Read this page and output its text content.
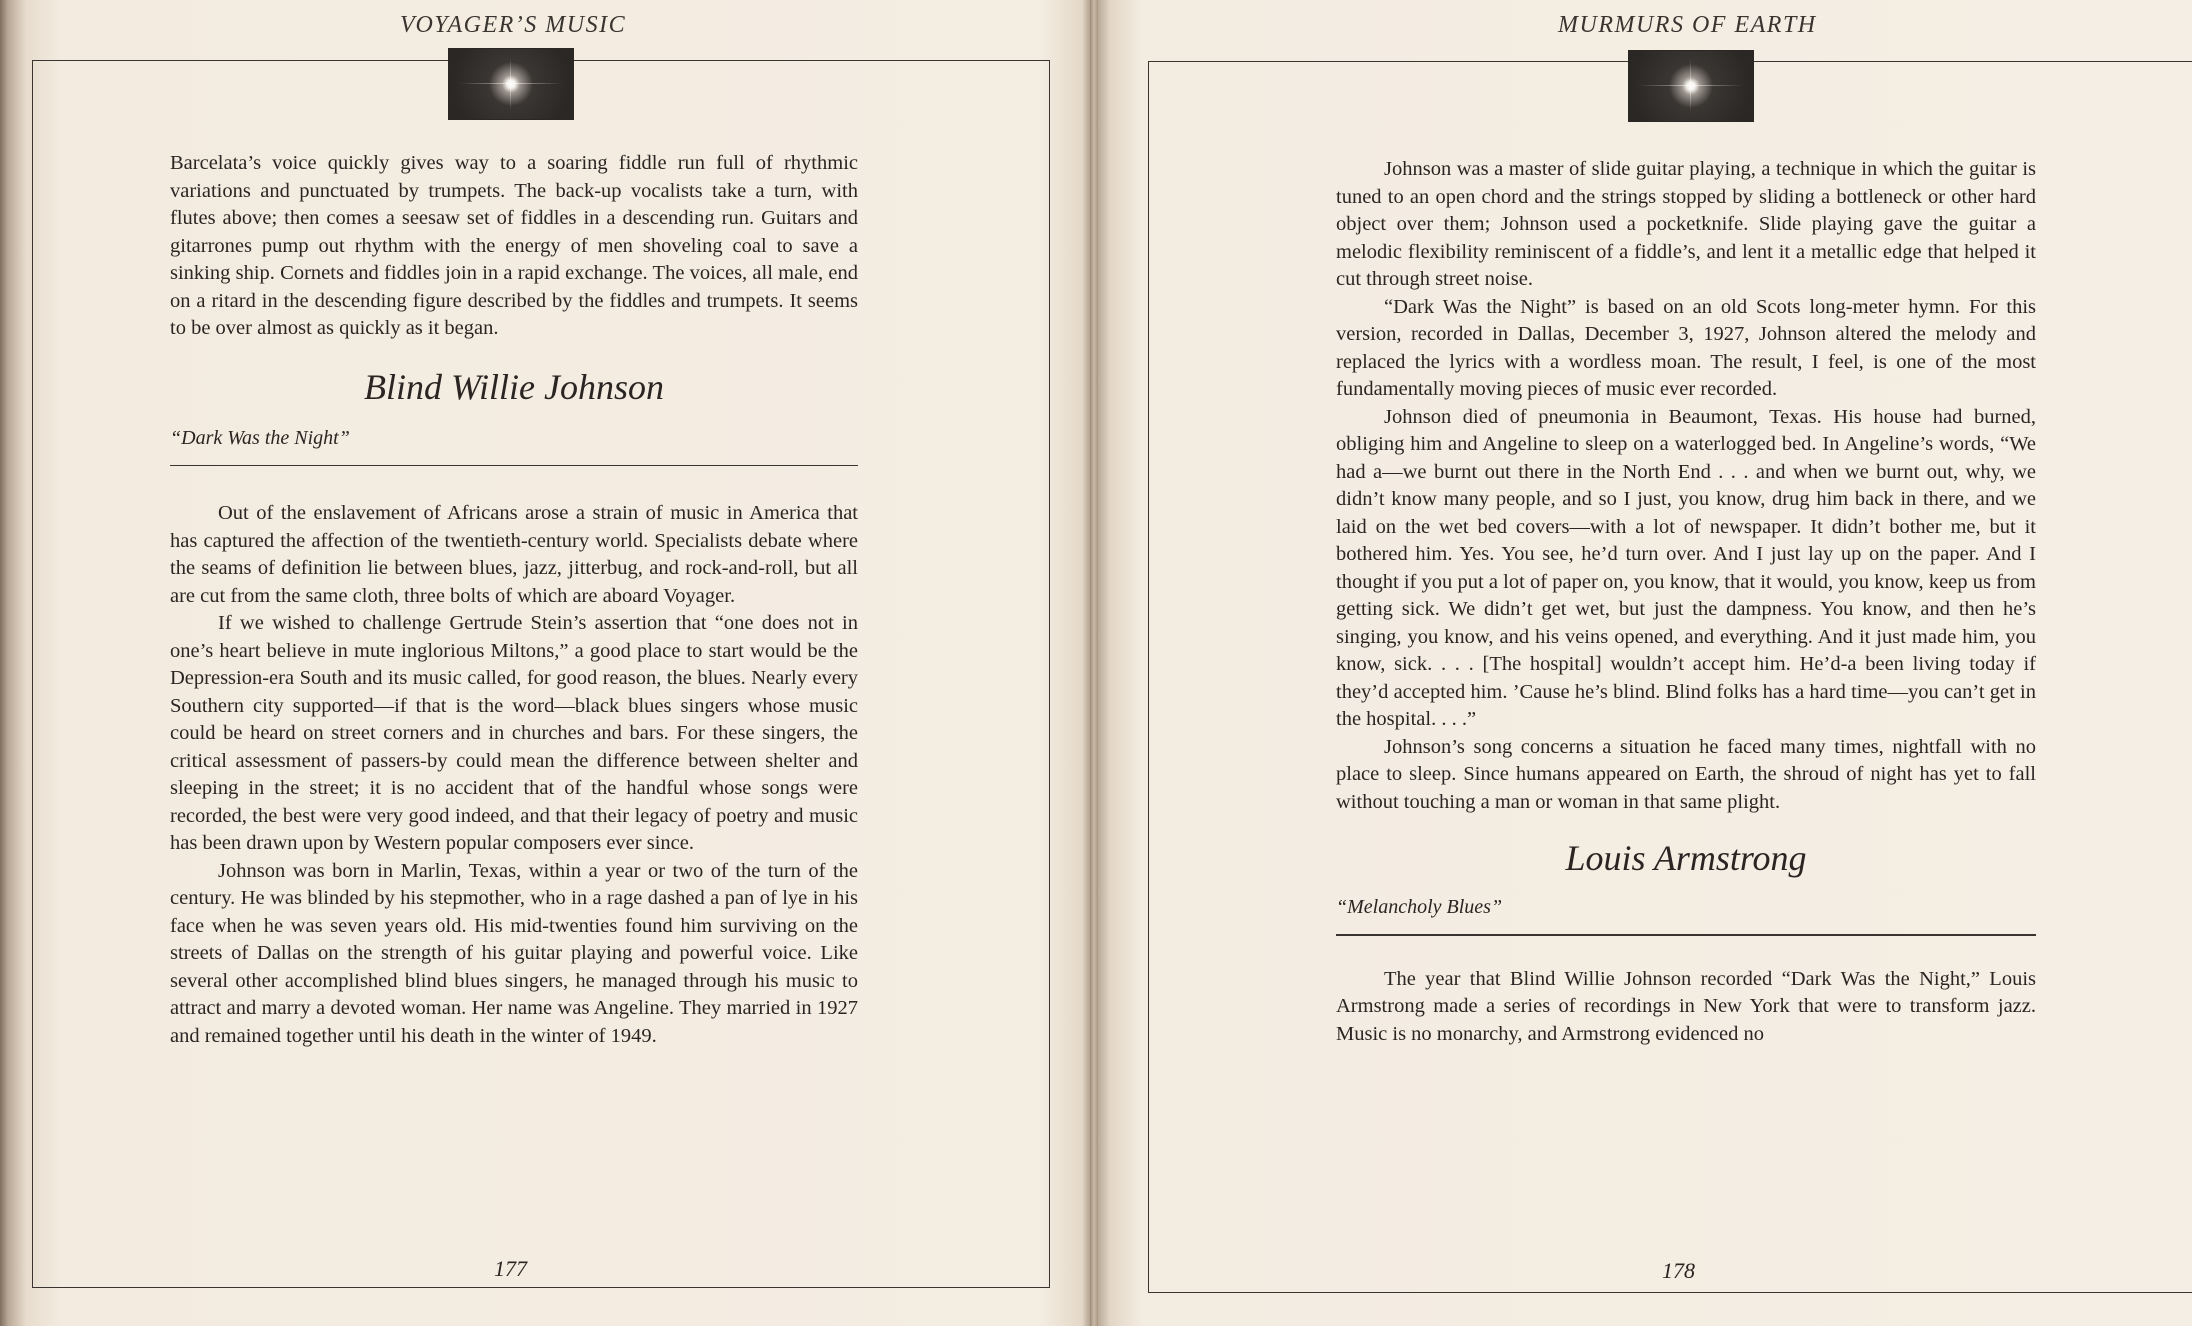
VOYAGER’S MUSIC

Barcelata’s voice quickly gives way to a soaring fiddle run full of rhythmic variations and punctuated by trumpets. The back-up vocalists take a turn, with flutes above; then comes a seesaw set of fiddles in a descending run. Guitars and gitarrones pump out rhythm with the energy of men shoveling coal to save a sinking ship. Cornets and fiddles join in a rapid exchange. The voices, all male, end on a ritard in the descending figure described by the fiddles and trumpets. It seems to be over almost as quickly as it began.

Blind Willie Johnson

“Dark Was the Night”

Out of the enslavement of Africans arose a strain of music in America that has captured the affection of the twentieth-century world. Specialists debate where the seams of definition lie between blues, jazz, jitterbug, and rock-and-roll, but all are cut from the same cloth, three bolts of which are aboard Voyager.

If we wished to challenge Gertrude Stein’s assertion that “one does not in one’s heart believe in mute inglorious Miltons,” a good place to start would be the Depression-era South and its music called, for good reason, the blues. Nearly every Southern city supported—if that is the word—black blues singers whose music could be heard on street corners and in churches and bars. For these singers, the critical assessment of passers-by could mean the difference between shelter and sleeping in the street; it is no accident that of the handful whose songs were recorded, the best were very good indeed, and that their legacy of poetry and music has been drawn upon by Western popular composers ever since.

Johnson was born in Marlin, Texas, within a year or two of the turn of the century. He was blinded by his stepmother, who in a rage dashed a pan of lye in his face when he was seven years old. His mid-twenties found him surviving on the streets of Dallas on the strength of his guitar playing and powerful voice. Like several other accomplished blind blues singers, he managed through his music to attract and marry a devoted woman. Her name was Angeline. They married in 1927 and remained together until his death in the winter of 1949.

177
MURMURS OF EARTH

Johnson was a master of slide guitar playing, a technique in which the guitar is tuned to an open chord and the strings stopped by sliding a bottleneck or other hard object over them; Johnson used a pocketknife. Slide playing gave the guitar a melodic flexibility reminiscent of a fiddle’s, and lent it a metallic edge that helped it cut through street noise.

“Dark Was the Night” is based on an old Scots long-meter hymn. For this version, recorded in Dallas, December 3, 1927, Johnson altered the melody and replaced the lyrics with a wordless moan. The result, I feel, is one of the most fundamentally moving pieces of music ever recorded.

Johnson died of pneumonia in Beaumont, Texas. His house had burned, obliging him and Angeline to sleep on a waterlogged bed. In Angeline’s words, “We had a—we burnt out there in the North End . . . and when we burnt out, why, we didn’t know many people, and so I just, you know, drug him back in there, and we laid on the wet bed covers—with a lot of newspaper. It didn’t bother me, but it bothered him. Yes. You see, he’d turn over. And I just lay up on the paper. And I thought if you put a lot of paper on, you know, that it would, you know, keep us from getting sick. We didn’t get wet, but just the dampness. You know, and then he’s singing, you know, and his veins opened, and everything. And it just made him, you know, sick. . . . [The hospital] wouldn’t accept him. He’d-a been living today if they’d accepted him. ’Cause he’s blind. Blind folks has a hard time—you can’t get in the hospital. . . .”

Johnson’s song concerns a situation he faced many times, nightfall with no place to sleep. Since humans appeared on Earth, the shroud of night has yet to fall without touching a man or woman in that same plight.

Louis Armstrong

“Melancholy Blues”

The year that Blind Willie Johnson recorded “Dark Was the Night,” Louis Armstrong made a series of recordings in New York that were to transform jazz. Music is no monarchy, and Armstrong evidenced no

178
